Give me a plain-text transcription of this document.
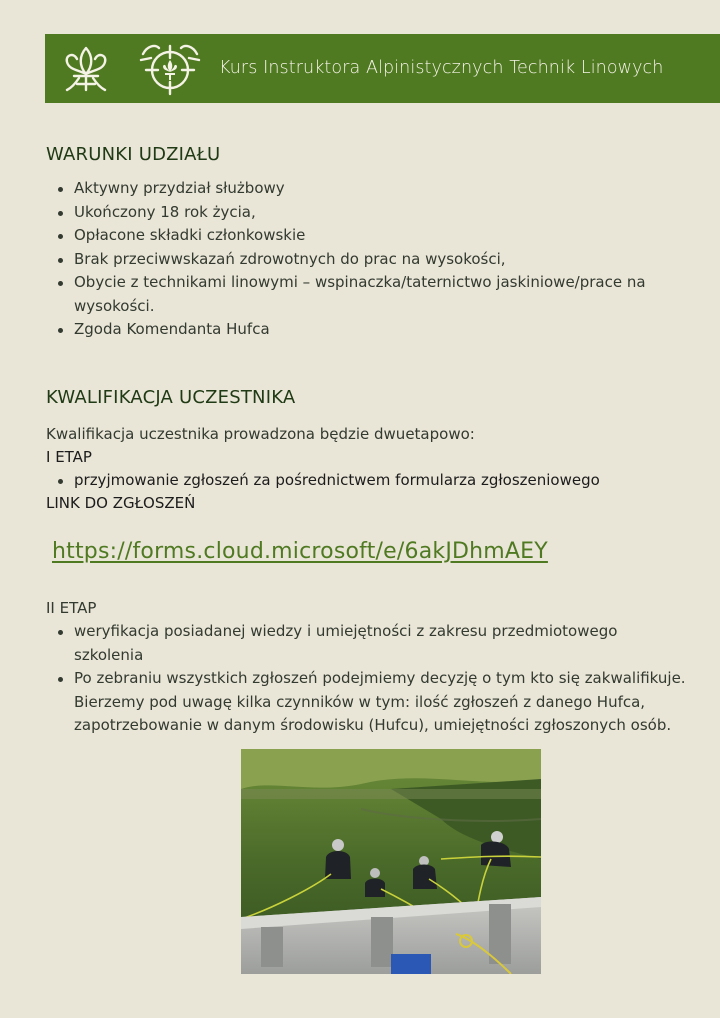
Kurs Instruktora Alpinistycznych Technik Linowych
WARUNKI UDZIAŁU
Aktywny przydział służbowy
Ukończony 18 rok życia,
Opłacone składki członkowskie
Brak przeciwwskazań zdrowotnych do prac na wysokości,
Obycie z technikami linowymi – wspinaczka/taternictwo jaskiniowe/prace na wysokości.
Zgoda Komendanta Hufca
KWALIFIKACJA UCZESTNIKA
Kwalifikacja uczestnika prowadzona będzie dwuetapowo:
I ETAP
przyjmowanie zgłoszeń za pośrednictwem formularza zgłoszeniowego
LINK DO ZGŁOSZEŃ
https://forms.cloud.microsoft/e/6akJDhmAEY
II ETAP
weryfikacja posiadanej wiedzy i umiejętności z zakresu przedmiotowego szkolenia
Po zebraniu wszystkich zgłoszeń podejmiemy decyzję o tym kto się zakwalifikuje. Bierzemy pod uwagę kilka czynników w tym: ilość zgłoszeń z danego Hufca, zapotrzebowanie w danym środowisku (Hufcu), umiejętności zgłoszonych osób.
